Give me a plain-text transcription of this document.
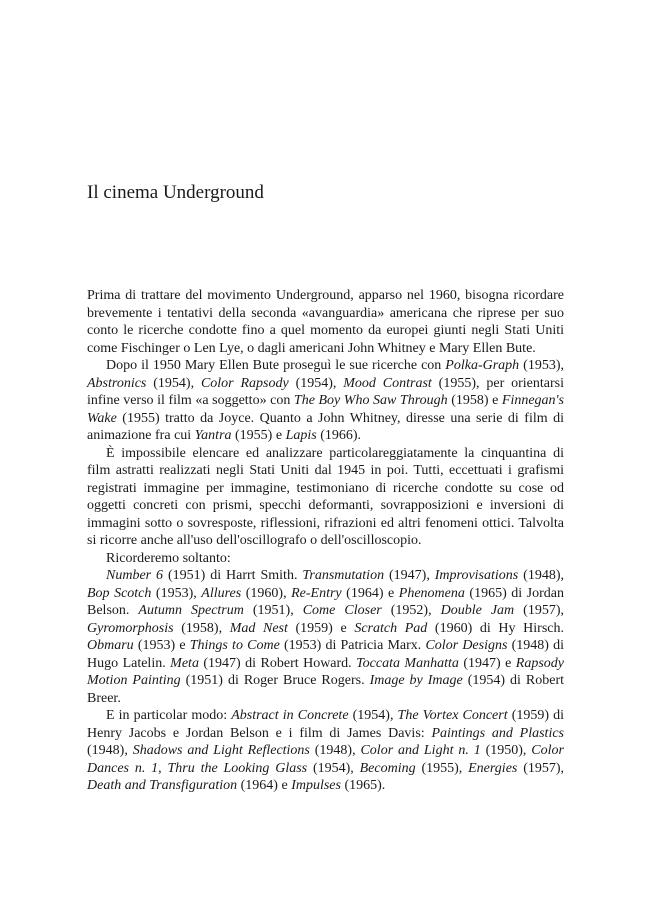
Il cinema Underground

Prima di trattare del movimento Underground, apparso nel 1960, bisogna ricordare brevemente i tentativi della seconda «avanguardia» americana che riprese per suo conto le ricerche condotte fino a quel momento da europei giunti negli Stati Uniti come Fischinger o Len Lye, o dagli americani John Whitney e Mary Ellen Bute.

Dopo il 1950 Mary Ellen Bute proseguì le sue ricerche con Polka-Graph (1953), Abstronics (1954), Color Rapsody (1954), Mood Contrast (1955), per orientarsi infine verso il film «a soggetto» con The Boy Who Saw Through (1958) e Finnegan's Wake (1955) tratto da Joyce. Quanto a John Whitney, diresse una serie di film di animazione fra cui Yantra (1955) e Lapis (1966).

È impossibile elencare ed analizzare particolareggiatamente la cinquantina di film astratti realizzati negli Stati Uniti dal 1945 in poi. Tutti, eccettuati i grafismi registrati immagine per immagine, testimoniano di ricerche condotte su cose od oggetti concreti con prismi, specchi deformanti, sovrapposizioni e inversioni di immagini sotto o sovresposte, riflessioni, rifrazioni ed altri fenomeni ottici. Talvolta si ricorre anche all'uso dell'oscillografo o dell'oscilloscopio.

Ricorderemo soltanto:

Number 6 (1951) di Harrt Smith. Transmutation (1947), Improvisations (1948), Bop Scotch (1953), Allures (1960), Re-Entry (1964) e Phenomena (1965) di Jordan Belson. Autumn Spectrum (1951), Come Closer (1952), Double Jam (1957), Gyromorphosis (1958), Mad Nest (1959) e Scratch Pad (1960) di Hy Hirsch. Obmaru (1953) e Things to Come (1953) di Patricia Marx. Color Designs (1948) di Hugo Latelin. Meta (1947) di Robert Howard. Toccata Manhatta (1947) e Rapsody Motion Painting (1951) di Roger Bruce Rogers. Image by Image (1954) di Robert Breer.

E in particolar modo: Abstract in Concrete (1954), The Vortex Concert (1959) di Henry Jacobs e Jordan Belson e i film di James Davis: Paintings and Plastics (1948), Shadows and Light Reflections (1948), Color and Light n. 1 (1950), Color Dances n. 1, Thru the Looking Glass (1954), Becoming (1955), Energies (1957), Death and Transfiguration (1964) e Impulses (1965).
